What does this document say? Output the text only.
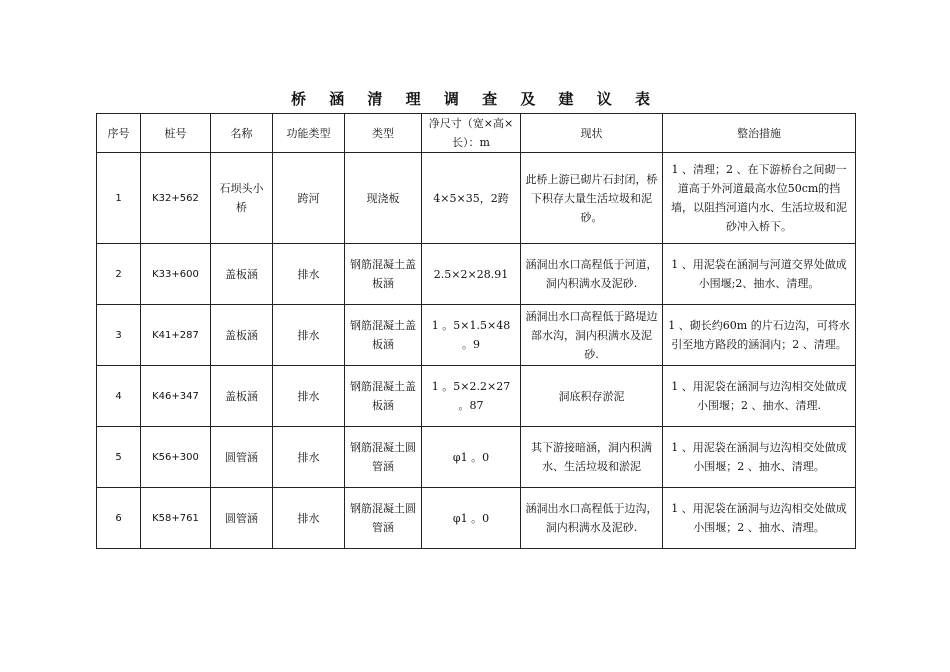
桥 涵 清 理 调 查 及 建 议 表
序号	桩号	名称	功能类型	类型	净尺寸（宽×高×长）：m	现状	整治措施
1	K32+562	石坝头小桥	跨河	现浇板	4×5×35，2跨	此桥上游已砌片石封闭，桥下积存大量生活垃圾和泥砂。	1 、清理；2 、在下游桥台之间砌一道高于外河道最高水位50cm的挡墙，以阻挡河道内水、生活垃圾和泥砂冲入桥下。
2	K33+600	盖板涵	排水	钢筋混凝土盖板涵	2.5×2×28.91	涵洞出水口高程低于河道，洞内积满水及泥砂.	1 、用泥袋在涵洞与河道交界处做成小围堰;2、抽水、清理。
3	K41+287	盖板涵	排水	钢筋混凝土盖板涵	1 。5×1.5×48 。9	涵洞出水口高程低于路堤边部水沟，洞内积满水及泥砂.	1 、砌长约60m 的片石边沟，可将水引至地方路段的涵洞内；2 、清理。
4	K46+347	盖板涵	排水	钢筋混凝土盖板涵	1 。5×2.2×27 。87	洞底积存淤泥	1 、用泥袋在涵洞与边沟相交处做成小围堰；2 、抽水、清理.
5	K56+300	圆管涵	排水	钢筋混凝土圆管涵	φ1 。0	其下游接暗涵，洞内积满水、生活垃圾和淤泥	1 、用泥袋在涵洞与边沟相交处做成小围堰；2 、抽水、清理。
6	K58+761	圆管涵	排水	钢筋混凝土圆管涵	φ1 。0	涵洞出水口高程低于边沟，洞内积满水及泥砂.	1 、用泥袋在涵洞与边沟相交处做成小围堰；2 、抽水、清理。
